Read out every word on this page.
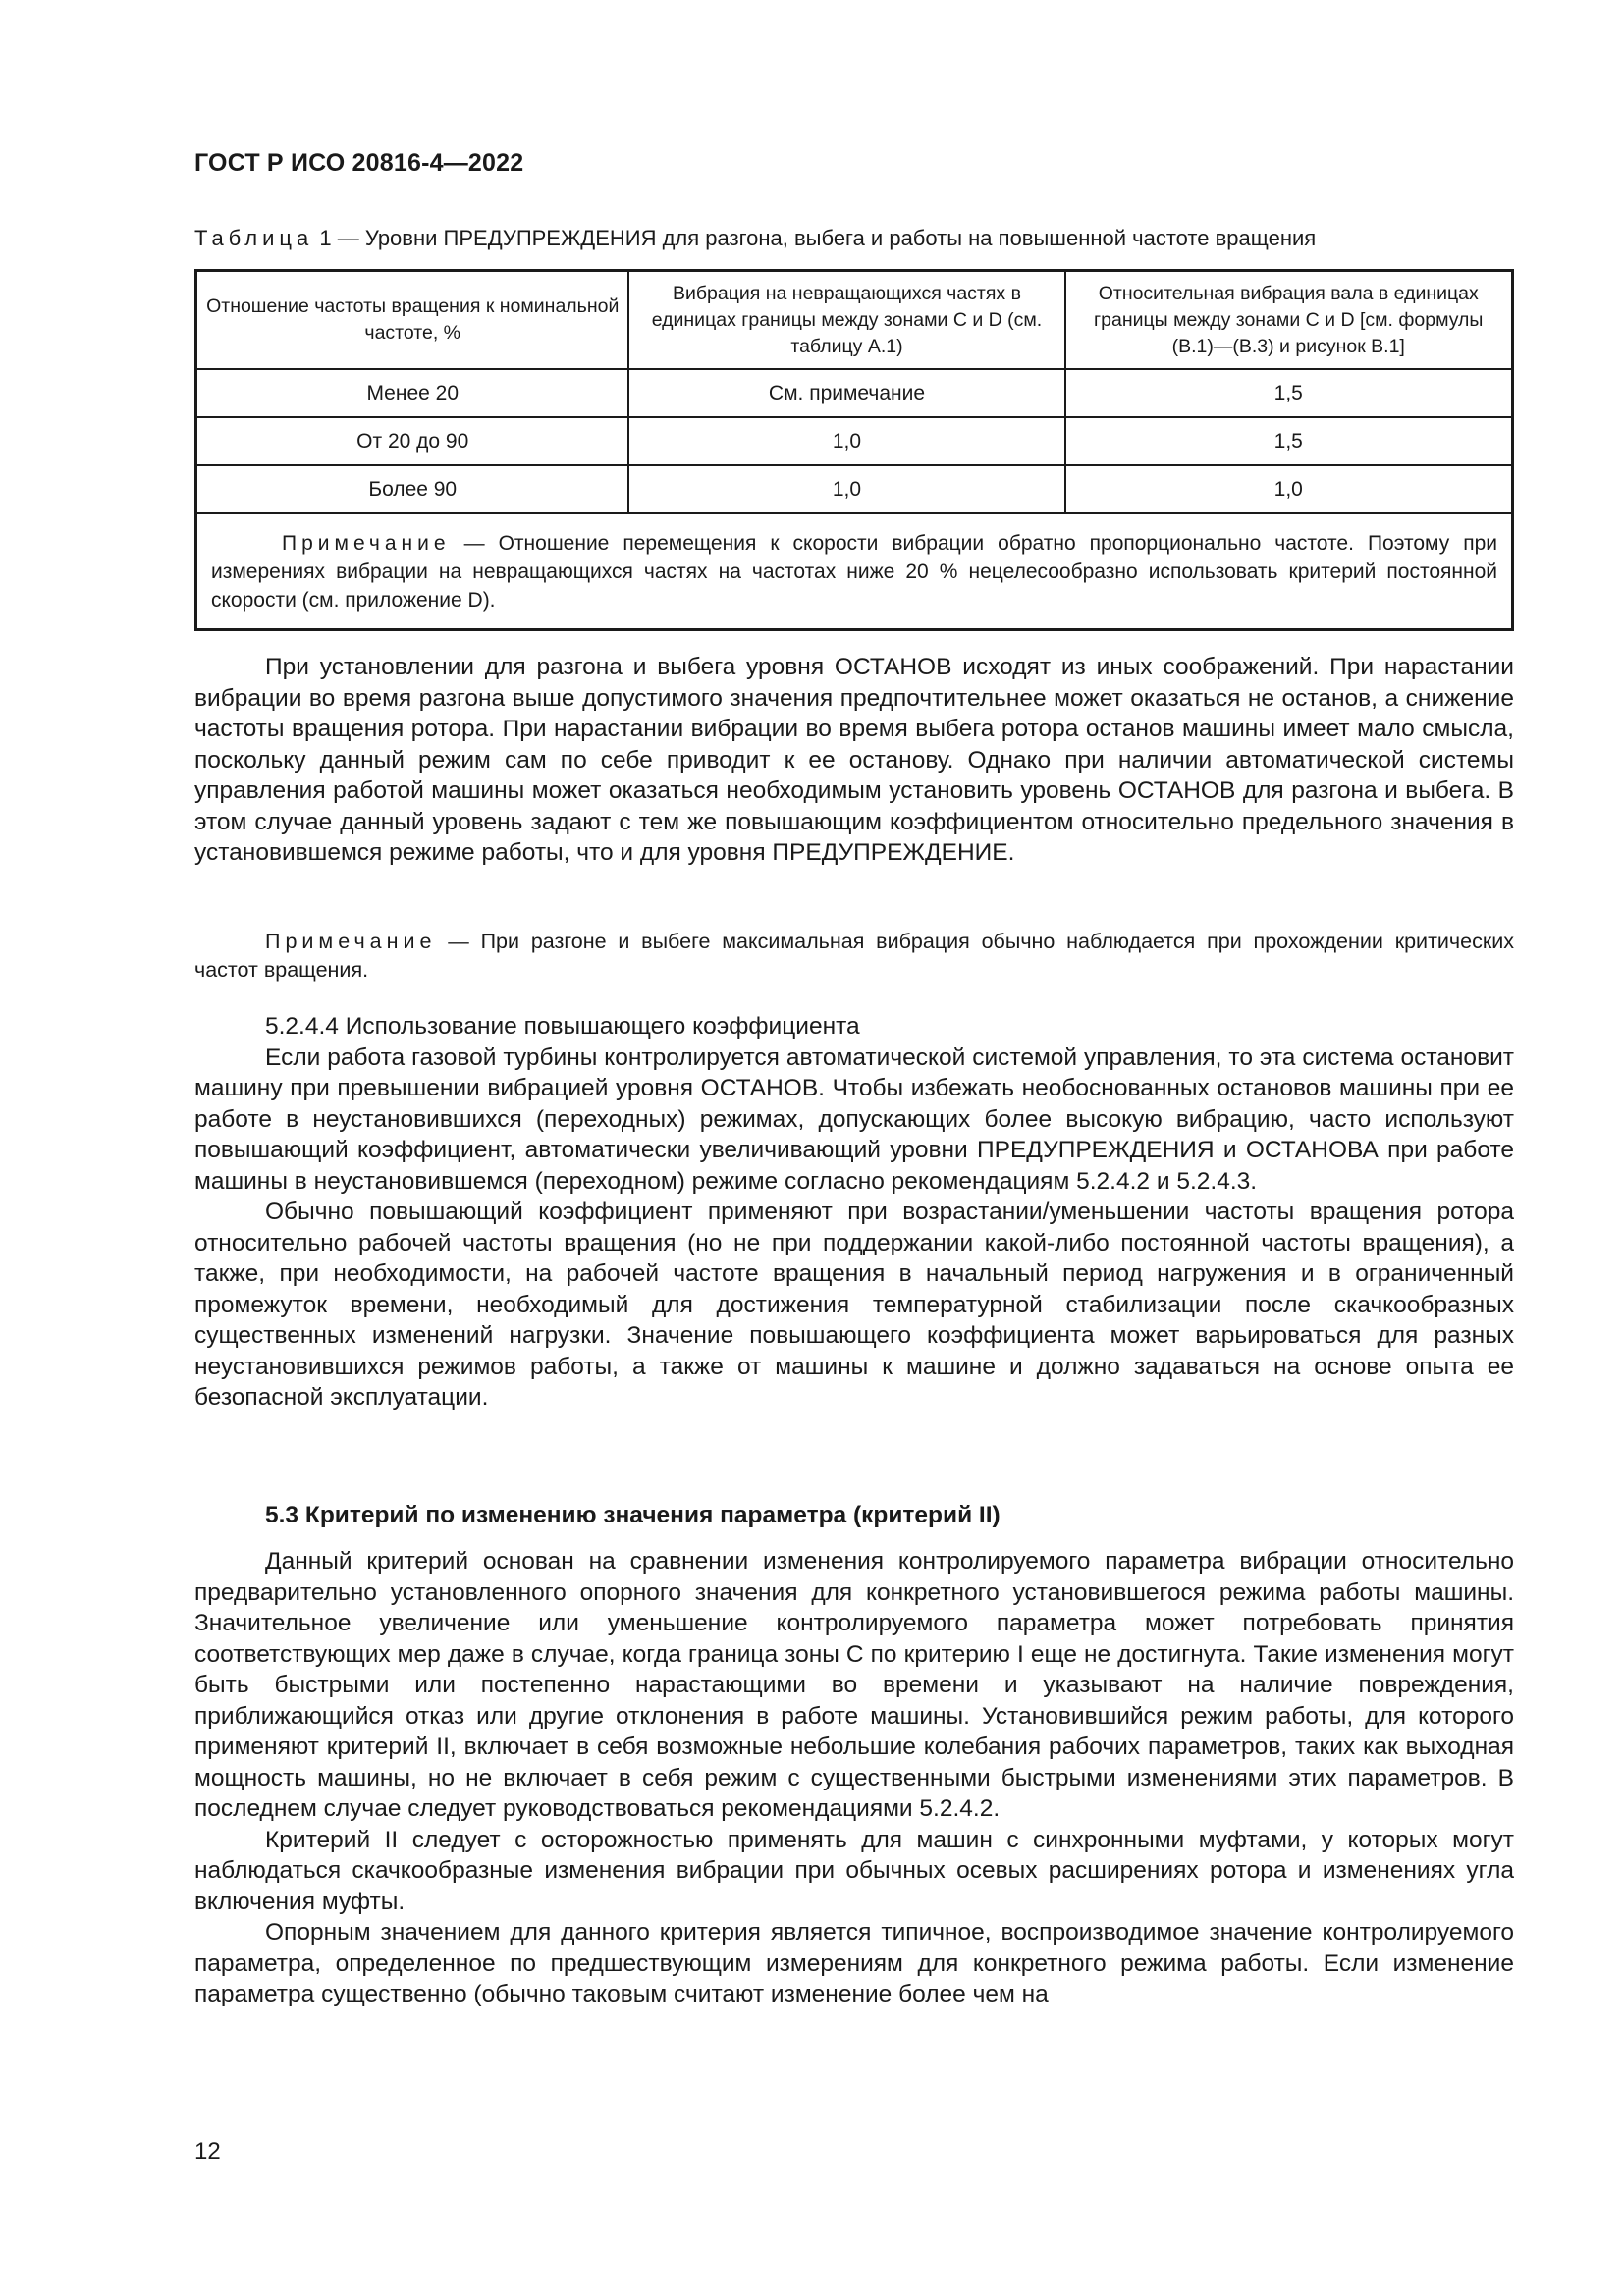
ГОСТ Р ИСО 20816-4—2022
Таблица 1 — Уровни ПРЕДУПРЕЖДЕНИЯ для разгона, выбега и работы на повышенной частоте вращения
Отношение частоты вращения к номинальной частоте, %	Вибрация на невращающихся частях в единицах границы между зонами C и D (см. таблицу А.1)	Относительная вибрация вала в единицах границы между зонами C и D [см. формулы (В.1)—(В.3) и рисунок В.1]
Менее 20	См. примечание	1,5
От 20 до 90	1,0	1,5
Более 90	1,0	1,0

Примечание — Отношение перемещения к скорости вибрации обратно пропорционально частоте. Поэтому при измерениях вибрации на невращающихся частях на частотах ниже 20 % нецелесообразно использовать критерий постоянной скорости (см. приложение D).		

При установлении для разгона и выбега уровня ОСТАНОВ исходят из иных соображений. При нарастании вибрации во время разгона выше допустимого значения предпочтительнее может оказаться не останов, а снижение частоты вращения ротора. При нарастании вибрации во время выбега ротора останов машины имеет мало смысла, поскольку данный режим сам по себе приводит к ее останову. Однако при наличии автоматической системы управления работой машины может оказаться необходимым установить уровень ОСТАНОВ для разгона и выбега. В этом случае данный уровень задают с тем же повышающим коэффициентом относительно предельного значения в установившемся режиме работы, что и для уровня ПРЕДУПРЕЖДЕНИЕ.

Примечание — При разгоне и выбеге максимальная вибрация обычно наблюдается при прохождении критических частот вращения.

5.2.4.4 Использование повышающего коэффициента

Если работа газовой турбины контролируется автоматической системой управления, то эта система остановит машину при превышении вибрацией уровня ОСТАНОВ. Чтобы избежать необоснованных остановов машины при ее работе в неустановившихся (переходных) режимах, допускающих более высокую вибрацию, часто используют повышающий коэффициент, автоматически увеличивающий уровни ПРЕДУПРЕЖДЕНИЯ и ОСТАНОВА при работе машины в неустановившемся (переходном) режиме согласно рекомендациям 5.2.4.2 и 5.2.4.3.

Обычно повышающий коэффициент применяют при возрастании/уменьшении частоты вращения ротора относительно рабочей частоты вращения (но не при поддержании какой-либо постоянной частоты вращения), а также, при необходимости, на рабочей частоте вращения в начальный период нагружения и в ограниченный промежуток времени, необходимый для достижения температурной стабилизации после скачкообразных существенных изменений нагрузки. Значение повышающего коэффициента может варьироваться для разных неустановившихся режимов работы, а также от машины к машине и должно задаваться на основе опыта ее безопасной эксплуатации.

5.3 Критерий по изменению значения параметра (критерий II)

Данный критерий основан на сравнении изменения контролируемого параметра вибрации относительно предварительно установленного опорного значения для конкретного установившегося режима работы машины. Значительное увеличение или уменьшение контролируемого параметра может потребовать принятия соответствующих мер даже в случае, когда граница зоны С по критерию I еще не достигнута. Такие изменения могут быть быстрыми или постепенно нарастающими во времени и указывают на наличие повреждения, приближающийся отказ или другие отклонения в работе машины. Установившийся режим работы, для которого применяют критерий II, включает в себя возможные небольшие колебания рабочих параметров, таких как выходная мощность машины, но не включает в себя режим с существенными быстрыми изменениями этих параметров. В последнем случае следует руководствоваться рекомендациями 5.2.4.2.

Критерий II следует с осторожностью применять для машин с синхронными муфтами, у которых могут наблюдаться скачкообразные изменения вибрации при обычных осевых расширениях ротора и изменениях угла включения муфты.

Опорным значением для данного критерия является типичное, воспроизводимое значение контролируемого параметра, определенное по предшествующим измерениям для конкретного режима работы. Если изменение параметра существенно (обычно таковым считают изменение более чем на

12
